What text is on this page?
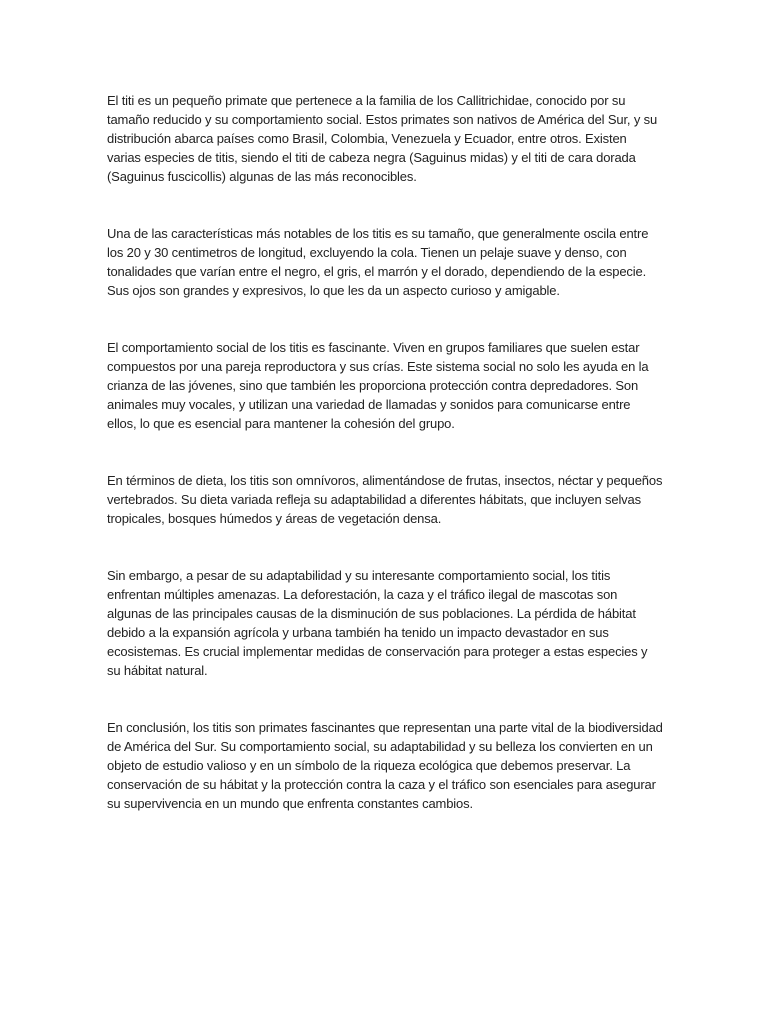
El titi es un pequeño primate que pertenece a la familia de los Callitrichidae, conocido por su tamaño reducido y su comportamiento social. Estos primates son nativos de América del Sur, y su distribución abarca países como Brasil, Colombia, Venezuela y Ecuador, entre otros. Existen varias especies de titis, siendo el titi de cabeza negra (Saguinus midas) y el titi de cara dorada (Saguinus fuscicollis) algunas de las más reconocibles.

Una de las características más notables de los titis es su tamaño, que generalmente oscila entre los 20 y 30 centimetros de longitud, excluyendo la cola. Tienen un pelaje suave y denso, con tonalidades que varían entre el negro, el gris, el marrón y el dorado, dependiendo de la especie. Sus ojos son grandes y expresivos, lo que les da un aspecto curioso y amigable.

El comportamiento social de los titis es fascinante. Viven en grupos familiares que suelen estar compuestos por una pareja reproductora y sus crías. Este sistema social no solo les ayuda en la crianza de las jóvenes, sino que también les proporciona protección contra depredadores. Son animales muy vocales, y utilizan una variedad de llamadas y sonidos para comunicarse entre ellos, lo que es esencial para mantener la cohesión del grupo.

En términos de dieta, los titis son omnívoros, alimentándose de frutas, insectos, néctar y pequeños vertebrados. Su dieta variada refleja su adaptabilidad a diferentes hábitats, que incluyen selvas tropicales, bosques húmedos y áreas de vegetación densa.

Sin embargo, a pesar de su adaptabilidad y su interesante comportamiento social, los titis enfrentan múltiples amenazas. La deforestación, la caza y el tráfico ilegal de mascotas son algunas de las principales causas de la disminución de sus poblaciones. La pérdida de hábitat debido a la expansión agrícola y urbana también ha tenido un impacto devastador en sus ecosistemas. Es crucial implementar medidas de conservación para proteger a estas especies y su hábitat natural.

En conclusión, los titis son primates fascinantes que representan una parte vital de la biodiversidad de América del Sur. Su comportamiento social, su adaptabilidad y su belleza los convierten en un objeto de estudio valioso y en un símbolo de la riqueza ecológica que debemos preservar. La conservación de su hábitat y la protección contra la caza y el tráfico son esenciales para asegurar su supervivencia en un mundo que enfrenta constantes cambios.
